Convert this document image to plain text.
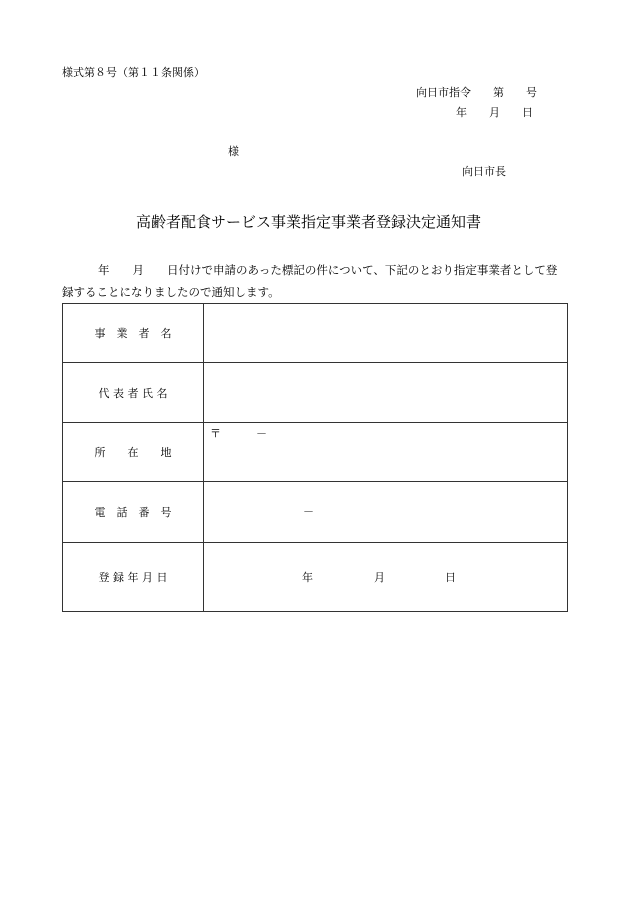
様式第８号（第１１条関係）
向日市指令　　第　　号
年　　月　　日
様
向日市長
高齢者配食サービス事業指定事業者登録決定通知書
年　　月　　日付けで申請のあった標記の件について、下記のとおり指定事業者として登
録することになりましたので通知します。
事　業　者　名	
代 表 者 氏 名	
所　　在　　地	〒 －

電　話　番　号	－

登 録 年 月 日	年 月 日
